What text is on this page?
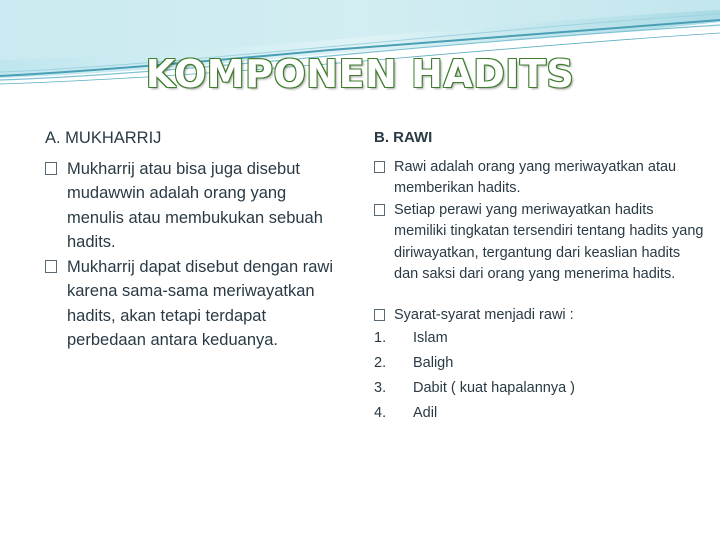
KOMPONEN HADITS
A. MUKHARRIJ
Mukharrij atau bisa juga disebut mudawwin adalah orang yang menulis atau membukukan sebuah hadits.
Mukharrij dapat disebut dengan rawi karena sama-sama meriwayatkan hadits, akan tetapi terdapat perbedaan antara keduanya.
B. RAWI
Rawi adalah orang yang meriwayatkan atau memberikan hadits.
Setiap perawi yang meriwayatkan hadits memiliki tingkatan tersendiri tentang hadits yang diriwayatkan, tergantung dari keaslian hadits dan saksi dari orang yang menerima hadits.
Syarat-syarat menjadi rawi :
1. Islam
2. Baligh
3. Dabit ( kuat hapalannya )
4. Adil
